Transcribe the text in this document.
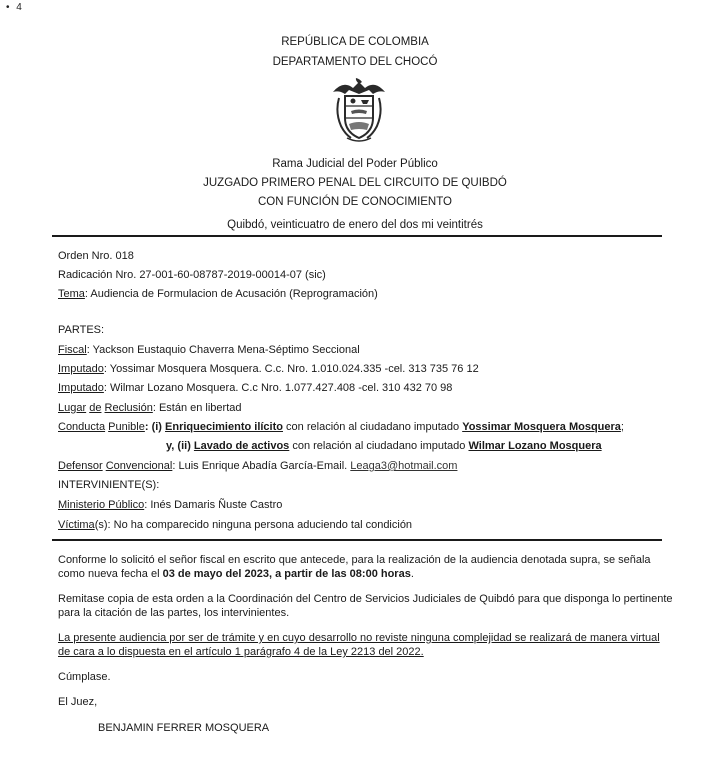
• 4
REPÚBLICA DE COLOMBIA
DEPARTAMENTO DEL CHOCÓ
Rama Judicial del Poder Público
JUZGADO PRIMERO PENAL DEL CIRCUITO DE QUIBDÓ
CON FUNCIÓN DE CONOCIMIENTO
Quibdó, veinticuatro de enero del dos mi veintitrés
Orden Nro. 018
Radicación Nro. 27-001-60-08787-2019-00014-07 (sic)
Tema: Audiencia de Formulacion de Acusación (Reprogramación)
PARTES:
Fiscal: Yackson Eustaquio Chaverra Mena-Séptimo Seccional
Imputado: Yossimar Mosquera Mosquera. C.c. Nro. 1.010.024.335 -cel. 313 735 76 12
Imputado: Wilmar Lozano Mosquera. C.c Nro. 1.077.427.408 -cel. 310 432 70 98
Lugar de Reclusión: Están en libertad
Conducta Punible: (i) Enriquecimiento ilícito con relación al ciudadano imputado Yossimar Mosquera Mosquera;
y, (ii) Lavado de activos con relación al ciudadano imputado Wilmar Lozano Mosquera
Defensor Convencional: Luis Enrique Abadía García-Email. Leaga3@hotmail.com
INTERVINIENTE(S):
Ministerio Público: Inés Damaris Ñuste Castro
Víctima(s): No ha comparecido ninguna persona aduciendo tal condición
Conforme lo solicitó el señor fiscal en escrito que antecede, para la realización de la audiencia denotada supra, se señala
como nueva fecha el 03 de mayo del 2023, a partir de las 08:00 horas.
Remitase copia de esta orden a la Coordinación del Centro de Servicios Judiciales de Quibdó para que disponga lo pertinente
para la citación de las partes, los intervinientes.
La presente audiencia por ser de trámite y en cuyo desarrollo no reviste ninguna complejidad se realizará de manera virtual
de cara a lo dispuesta en el artículo 1 parágrafo 4 de la Ley 2213 del 2022.
Cúmplase.
El Juez,
BENJAMIN FERRER MOSQUERA
